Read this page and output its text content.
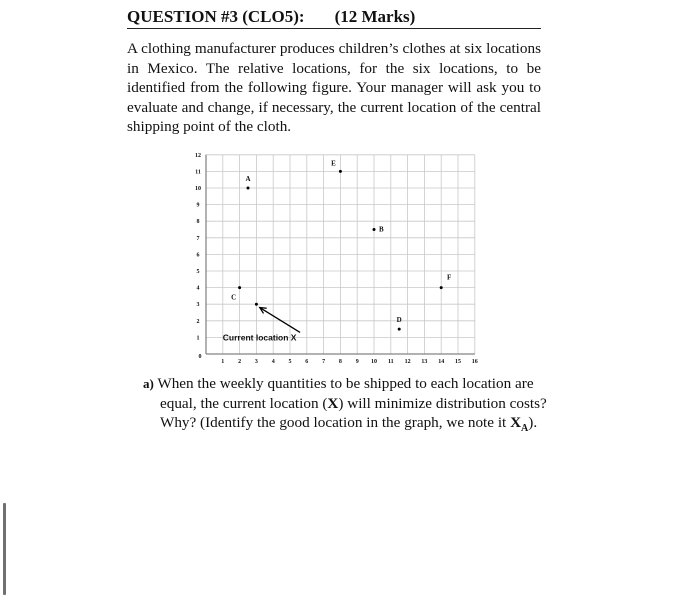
QUESTION #3 (CLO5): (12 Marks)
A clothing manufacturer produces children’s clothes at six locations in Mexico. The relative locations, for the six locations, to be identified from the following figure. Your manager will ask you to evaluate and change, if necessary, the current location of the central shipping point of the cloth.
1 2 3 4 5 6 7 8 9 10 11 12 13 14 15 16
1
2
3
4
5
6
7
8
9
10
11
12
0
A
B
C
D
E
F
Current location X
a) When the weekly quantities to be shipped to each location are equal, the current location (X) will minimize distribution costs? Why? (Identify the good location in the graph, we note it $X_A$).
